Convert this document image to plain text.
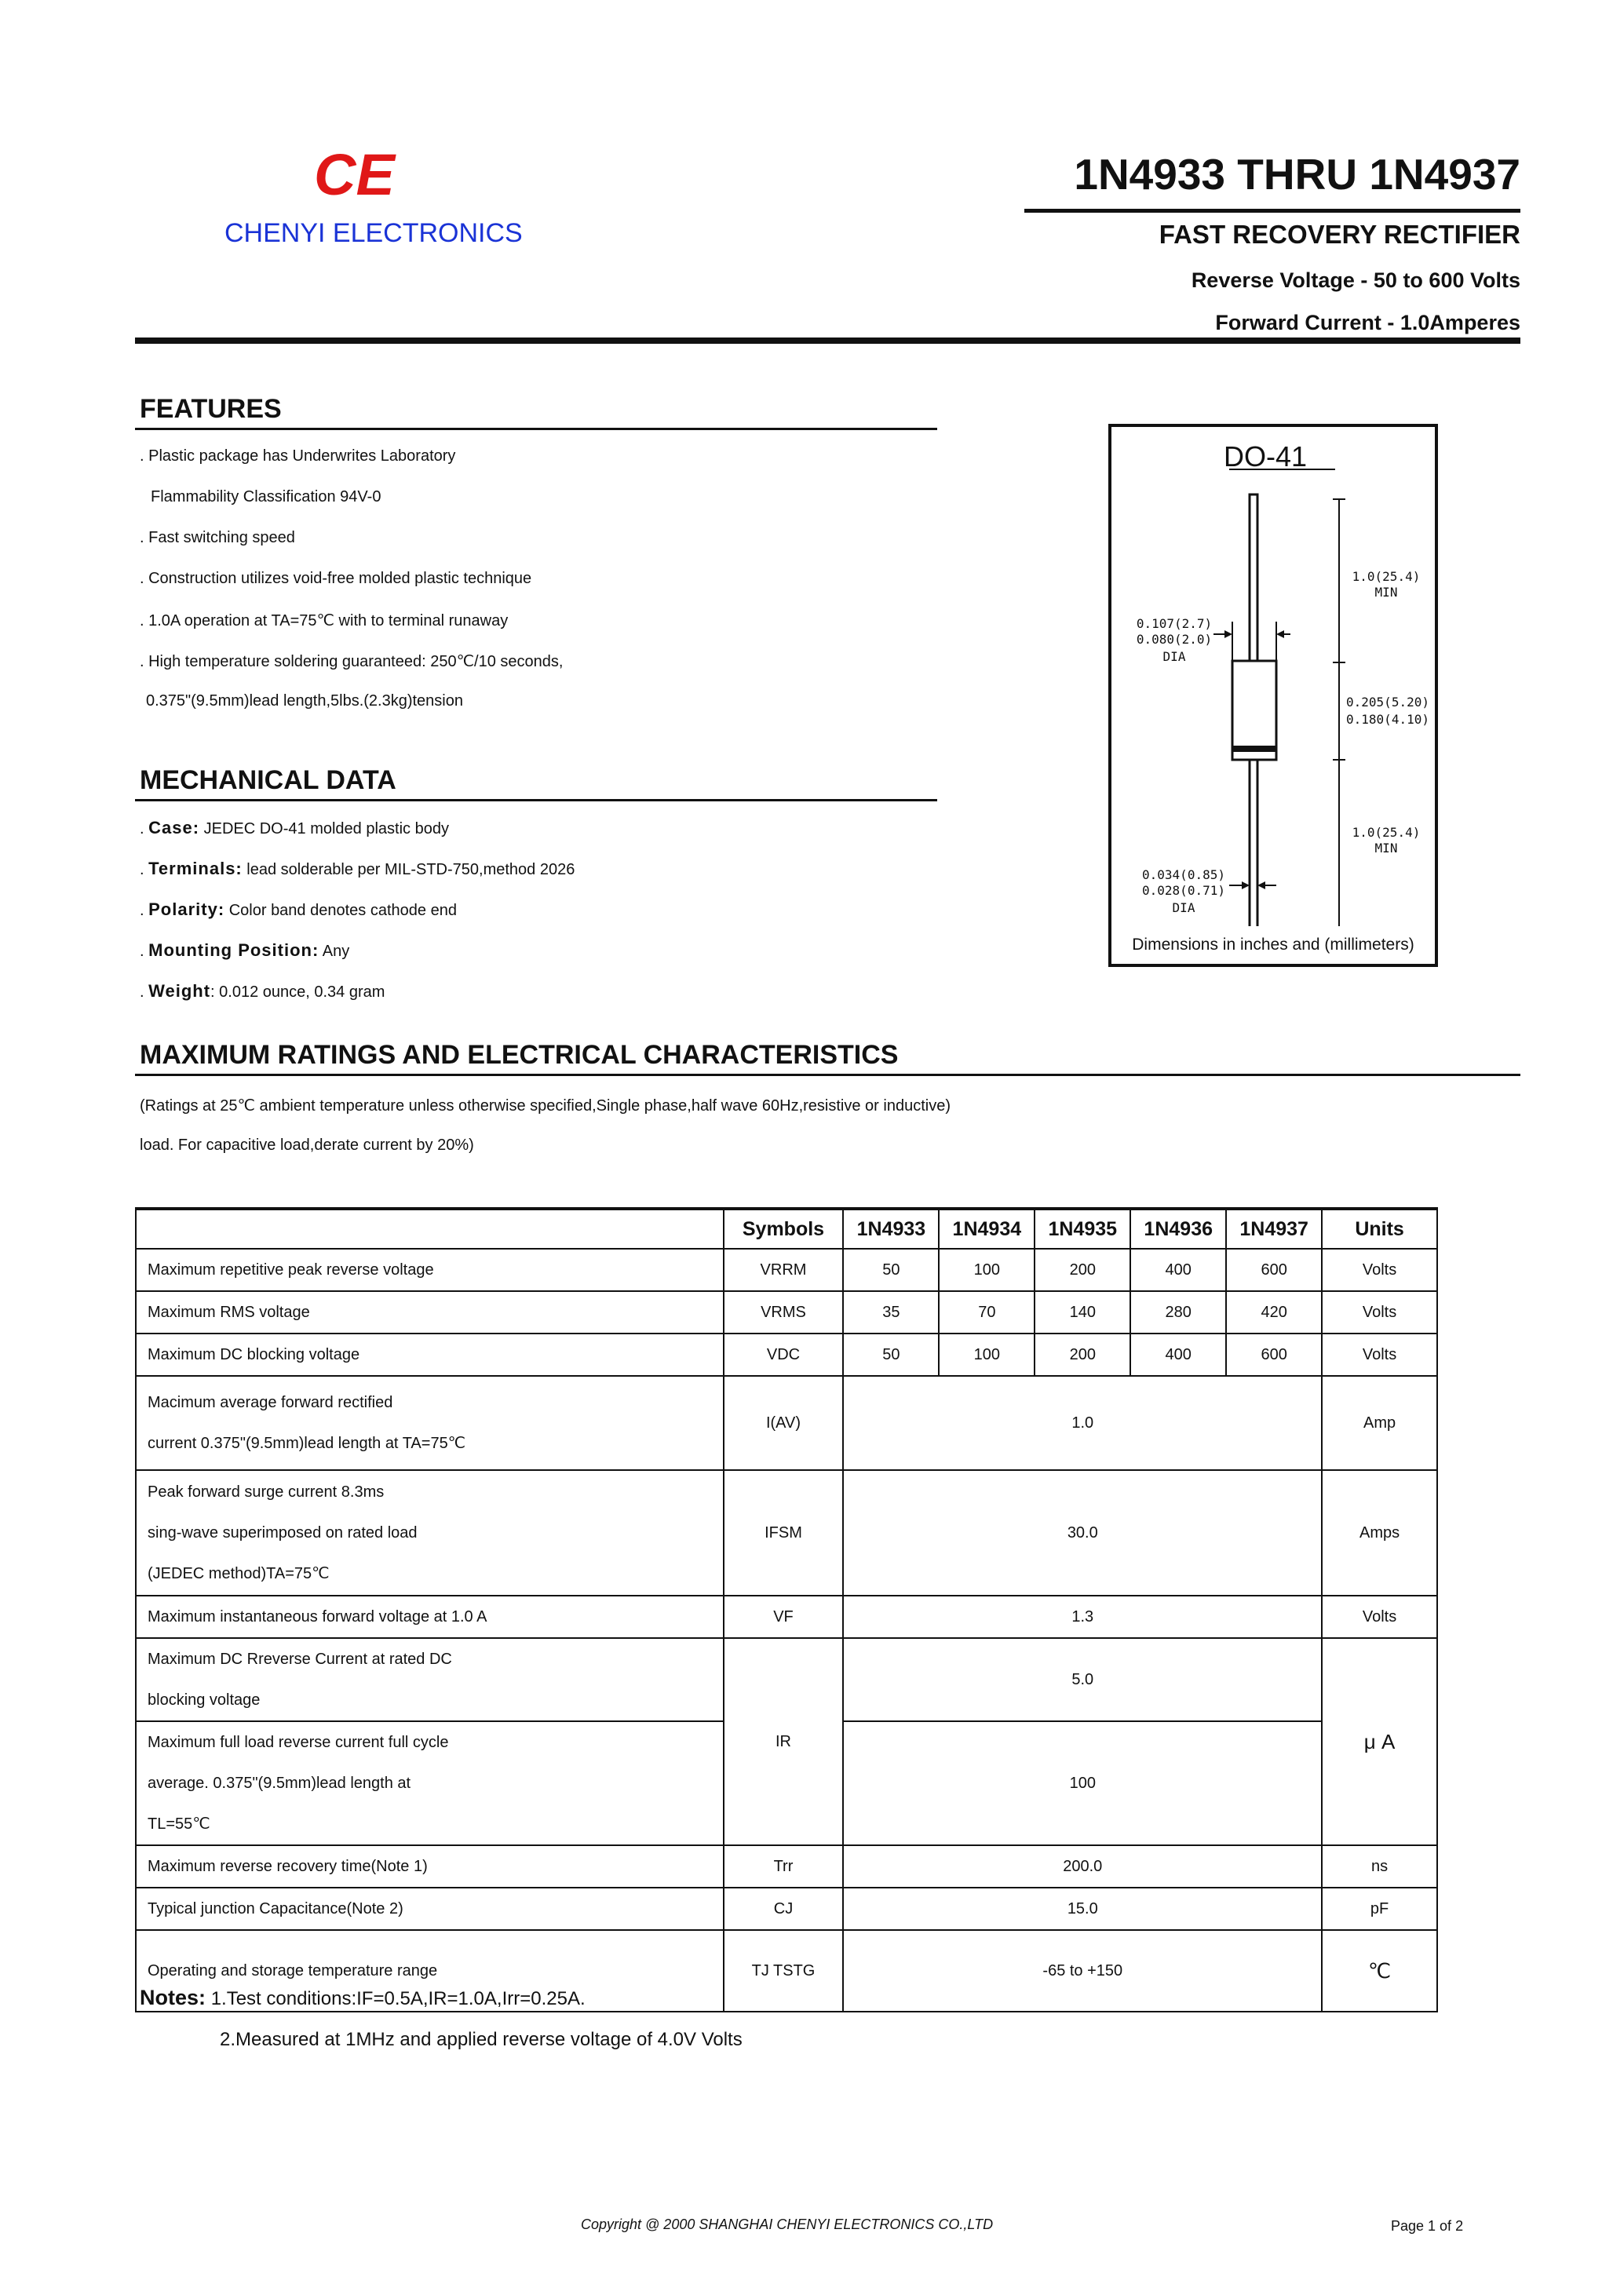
CE
CHENYI ELECTRONICS
1N4933 THRU 1N4937
FAST RECOVERY RECTIFIER
Reverse Voltage - 50 to 600 Volts
Forward Current - 1.0Amperes
FEATURES
. Plastic package has Underwrites Laboratory
Flammability Classification 94V-0
. Fast switching speed
. Construction utilizes void-free molded plastic technique
. 1.0A operation at TA=75℃ with to terminal runaway
. High temperature soldering guaranteed: 250℃/10 seconds,
0.375"(9.5mm)lead length,5lbs.(2.3kg)tension
MECHANICAL DATA
. Case: JEDEC DO-41 molded plastic body
. Terminals: lead solderable per MIL-STD-750,method 2026
. Polarity: Color band denotes cathode end
. Mounting Position: Any
. Weight: 0.012 ounce, 0.34 gram
DO-41
1.0(25.4)
MIN
0.205(5.20)
0.180(4.10)
1.0(25.4)
MIN
0.107(2.7)
0.080(2.0)
DIA
0.034(0.85)
0.028(0.71)
DIA
Dimensions in inches and (millimeters)
MAXIMUM RATINGS AND ELECTRICAL CHARACTERISTICS
(Ratings at 25℃ ambient temperature unless otherwise specified,Single phase,half wave 60Hz,resistive or inductive)
load. For capacitive load,derate current by 20%)
	Symbols	1N4933	1N4934	1N4935	1N4936	1N4937	Units
Maximum repetitive peak reverse voltage	VRRM	50	100	200	400	600	Volts
Maximum RMS voltage	VRMS	35	70	140	280	420	Volts
Maximum DC blocking voltage	VDC	50	100	200	400	600	Volts

Macimum average forward rectified
current 0.375"(9.5mm)lead length at TA=75℃	I(AV)	1.0					Amp

Peak forward surge current 8.3ms
sing-wave superimposed on rated load
(JEDEC method)TA=75℃	IFSM	30.0					Amps
Maximum instantaneous forward voltage at 1.0 A	VF	1.3					Volts

Maximum DC Rreverse Current at rated DC
blocking voltage	IR	5.0					μ A

Maximum full load reverse current full cycle
average. 0.375"(9.5mm)lead length at
TL=55℃		100					
Maximum reverse recovery time(Note 1)	Trr	200.0					ns
Typical junction Capacitance(Note 2)	CJ	15.0					pF
Operating and storage temperature range	TJ TSTG	-65 to +150					℃
Notes: 1.Test conditions:IF=0.5A,IR=1.0A,Irr=0.25A.
2.Measured at 1MHz and applied reverse voltage of 4.0V Volts
Copyright @ 2000 SHANGHAI CHENYI ELECTRONICS CO.,LTD	Page 1 of 2
